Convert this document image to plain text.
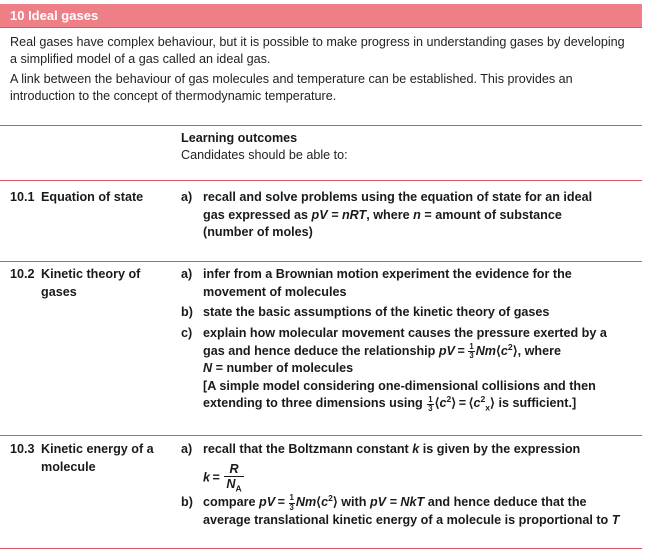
10 Ideal gases
Real gases have complex behaviour, but it is possible to make progress in understanding gases by developing a simplified model of a gas called an ideal gas.
A link between the behaviour of gas molecules and temperature can be established. This provides an introduction to the concept of thermodynamic temperature.
Learning outcomes
Candidates should be able to:
10.1 Equation of state	a) recall and solve problems using the equation of state for an ideal
gas expressed as pV = nRT, where n = amount of substance
(number of moles)
10.2 Kinetic theory of
gases
a) infer from a Brownian motion experiment the evidence for the
movement of molecules
b) state the basic assumptions of the kinetic theory of gases
c) explain how molecular movement causes the pressure exerted by a
gas and hence deduce the relationship pV =  $\frac{1}{3}$ $Nm⟨c^2⟩$, where
N = number of molecules
[A simple model considering one-dimensional collisions and then
extending to three dimensions using $\frac{1}{3}$ $⟨c^2⟩$ = $⟨c^2_x⟩$ is sufficient.]
10.3 Kinetic energy of a
molecule
a) recall that the Boltzmann constant k is given by the expression
$k = \frac{R}{N_A}$
b) compare pV =  $\frac{1}{3}$ $Nm⟨c^2⟩$ with pV = NkT and hence deduce that the
average translational kinetic energy of a molecule is proportional to T
